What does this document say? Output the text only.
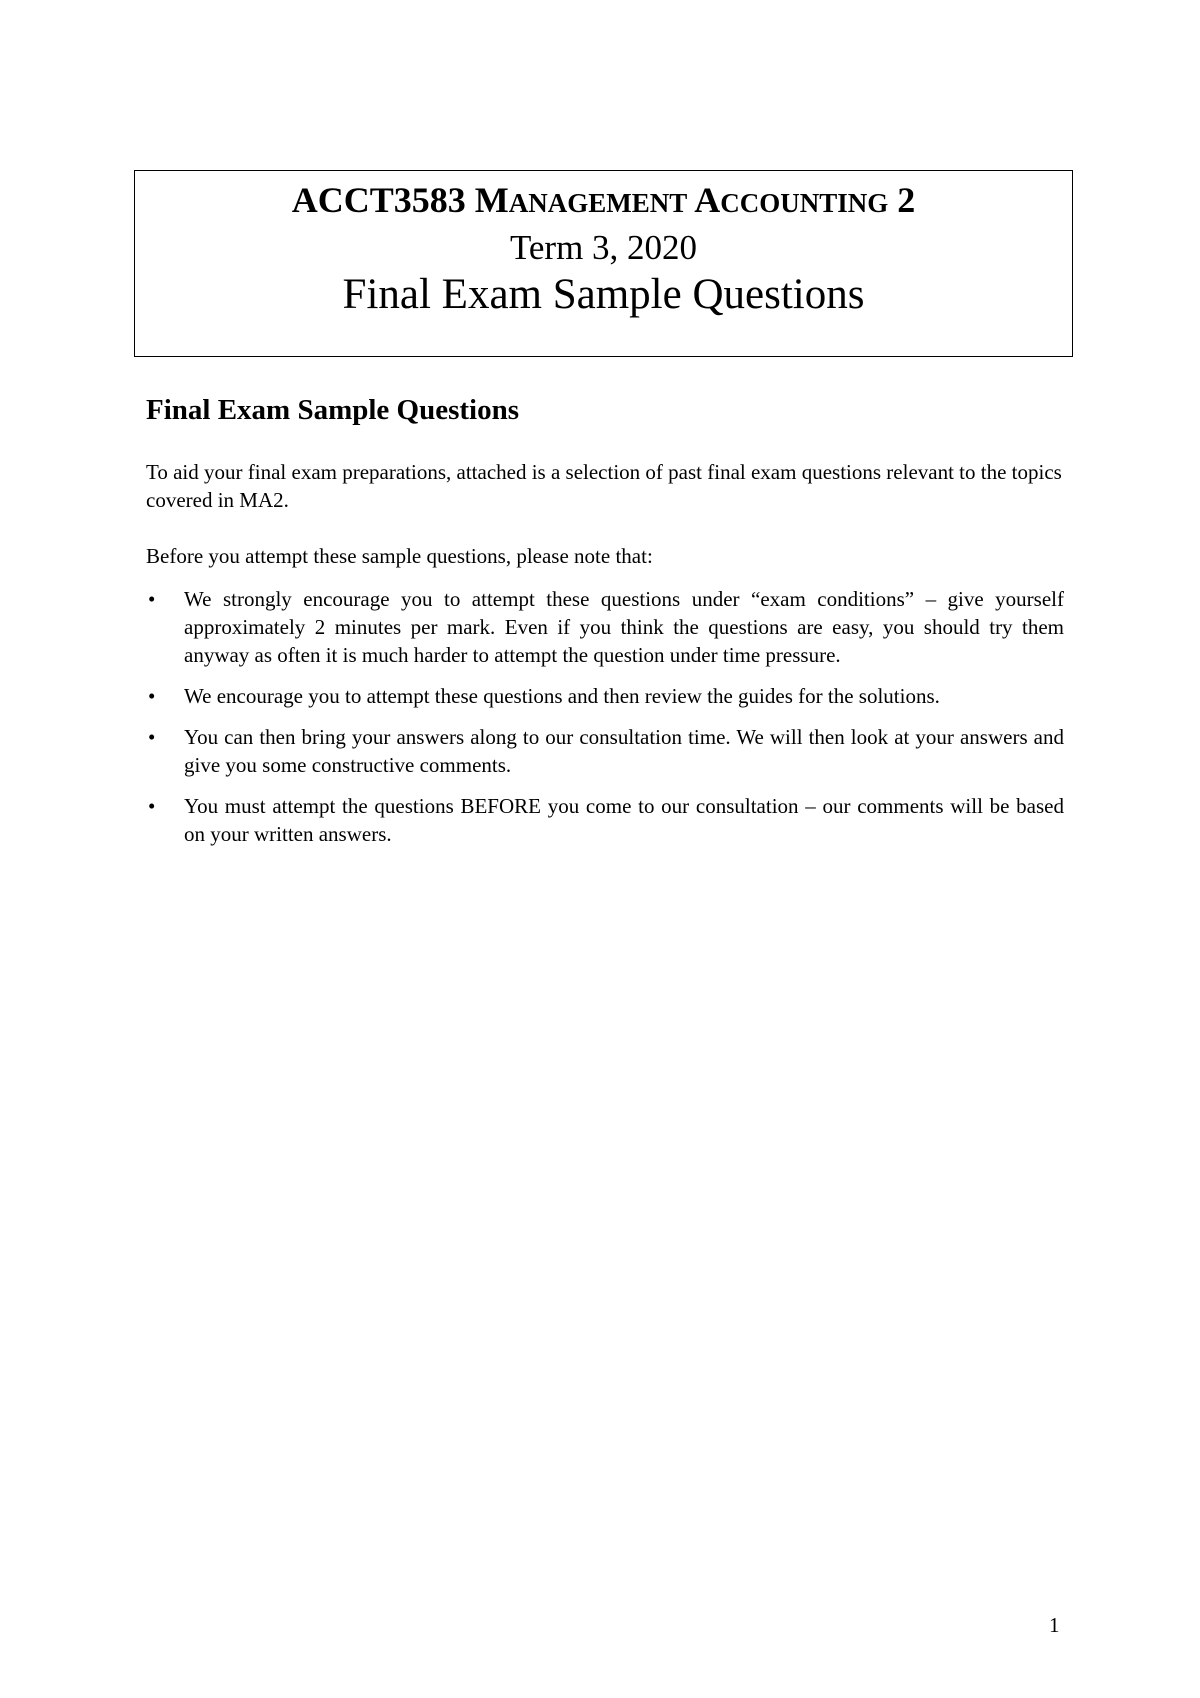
ACCT3583 MANAGEMENT ACCOUNTING 2
Term 3, 2020
Final Exam Sample Questions
Final Exam Sample Questions

To aid your final exam preparations, attached is a selection of past final exam questions relevant to the topics covered in MA2.

Before you attempt these sample questions, please note that:

•	We strongly encourage you to attempt these questions under “exam conditions” – give yourself approximately 2 minutes per mark. Even if you think the questions are easy, you should try them anyway as often it is much harder to attempt the question under time pressure.
•	We encourage you to attempt these questions and then review the guides for the solutions.
•	You can then bring your answers along to our consultation time. We will then look at your answers and give you some constructive comments.
•	You must attempt the questions BEFORE you come to our consultation – our comments will be based on your written answers.
1
